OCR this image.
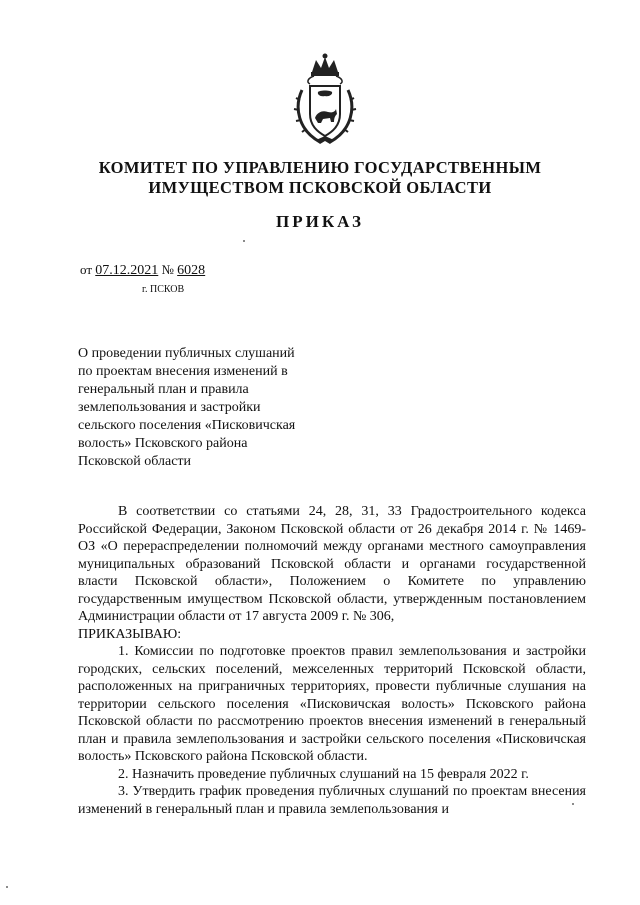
КОМИТЕТ ПО УПРАВЛЕНИЮ ГОСУДАРСТВЕННЫМ
ИМУЩЕСТВОМ ПСКОВСКОЙ ОБЛАСТИ
ПРИКАЗ
от 07.12.2021 № 6028
г. ПСКОВ
О проведении публичных слушаний
по проектам внесения изменений в
генеральный план и правила
землепользования и застройки
сельского поселения «Писковичская
волость» Псковского района
Псковской области

В соответствии со статьями 24, 28, 31, 33 Градостроительного кодекса Российской Федерации, Законом Псковской области от 26 декабря 2014 г. № 1469-ОЗ «О перераспределении полномочий между органами местного самоуправления муниципальных образований Псковской области и органами государственной власти Псковской области», Положением о Комитете по управлению государственным имуществом Псковской области, утвержденным постановлением Администрации области от 17 августа 2009 г. № 306,

ПРИКАЗЫВАЮ:

1. Комиссии по подготовке проектов правил землепользования и застройки городских, сельских поселений, межселенных территорий Псковской области, расположенных на приграничных территориях, провести публичные слушания на территории сельского поселения «Писковичская волость» Псковского района Псковской области по рассмотрению проектов внесения изменений в генеральный план и правила землепользования и застройки сельского поселения «Писковичская волость» Псковского района Псковской области.

2. Назначить проведение публичных слушаний на 15 февраля 2022 г.

3. Утвердить график проведения публичных слушаний по проектам внесения изменений в генеральный план и правила землепользования и
